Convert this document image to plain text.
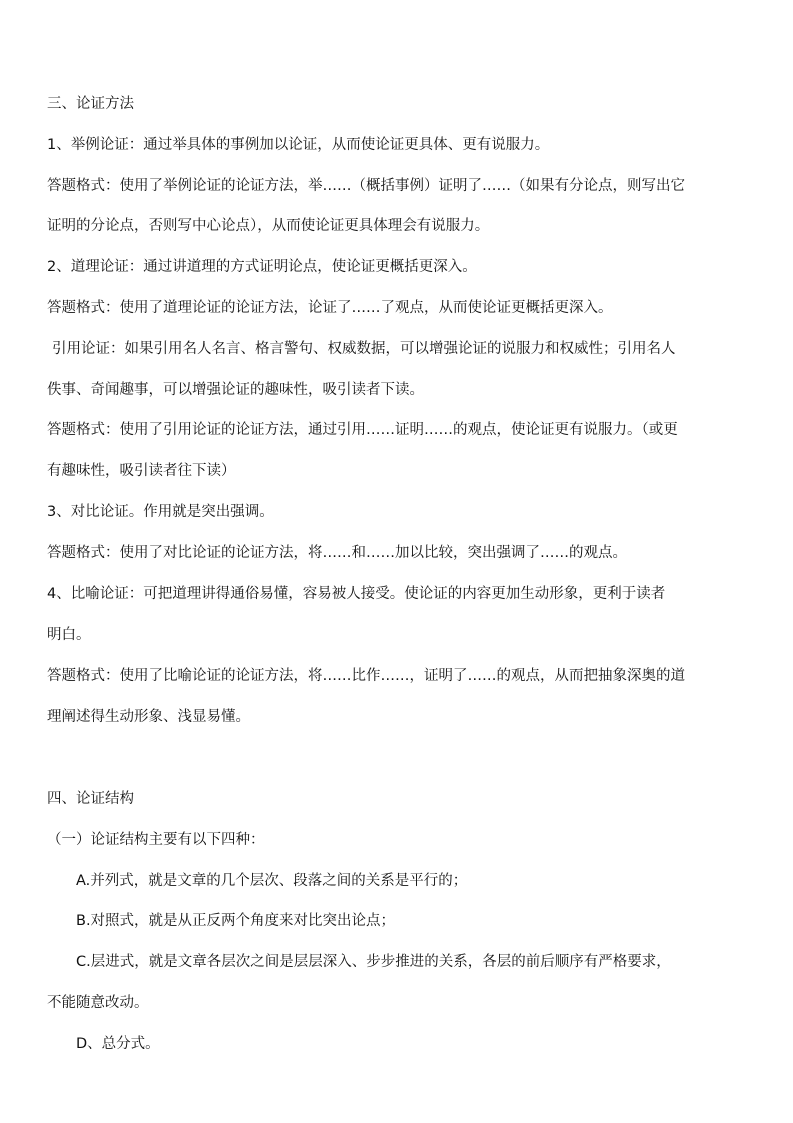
三、论证方法
1、举例论证：通过举具体的事例加以论证，从而使论证更具体、更有说服力。
答题格式：使用了举例论证的论证方法，举……（概括事例）证明了……（如果有分论点，则写出它
证明的分论点，否则写中心论点），从而使论证更具体理会有说服力。
2、道理论证：通过讲道理的方式证明论点，使论证更概括更深入。
答题格式：使用了道理论证的论证方法，论证了……了观点，从而使论证更概括更深入。
引用论证：如果引用名人名言、格言警句、权威数据，可以增强论证的说服力和权威性；引用名人
佚事、奇闻趣事，可以增强论证的趣味性，吸引读者下读。
答题格式：使用了引用论证的论证方法，通过引用……证明……的观点，使论证更有说服力。（或更
有趣味性，吸引读者往下读）
3、对比论证。作用就是突出强调。
答题格式：使用了对比论证的论证方法，将……和……加以比较，突出强调了……的观点。
4、比喻论证：可把道理讲得通俗易懂，容易被人接受。使论证的内容更加生动形象，更利于读者
明白。
答题格式：使用了比喻论证的论证方法，将……比作……，证明了……的观点，从而把抽象深奥的道
理阐述得生动形象、浅显易懂。
四、论证结构
（一）论证结构主要有以下四种：
A.并列式，就是文章的几个层次、段落之间的关系是平行的；
B.对照式，就是从正反两个角度来对比突出论点；
C.层进式，就是文章各层次之间是层层深入、步步推进的关系，各层的前后顺序有严格要求，
不能随意改动。
D、总分式。
